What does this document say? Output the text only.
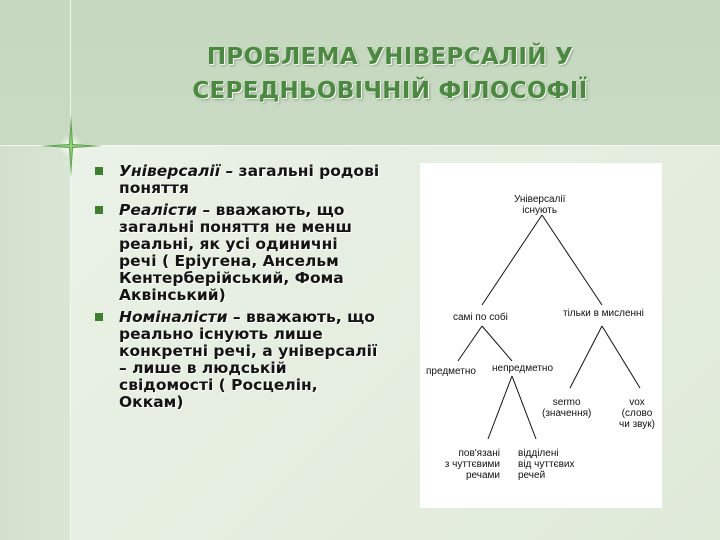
ПРОБЛЕМА УНІВЕРСАЛІЙ У
СЕРЕДНЬОВІЧНІЙ ФІЛОСОФІЇ
Універсалії – загальні родові поняття
Реалісти – вважають, що загальні поняття не менш реальні, як усі одиничні речі ( Еріугена, Ансельм Кентерберійський, Фома Аквінський)
Номіналісти – вважають, що реально існують лише конкретні речі, а універсалії – лише в людській свідомості ( Росцелін, Оккам)
Універсалії
існують
самі по собі	тільки в мисленні
предметно непредметно
sermo
(значення)
vox
(слово
чи звук)
пов'язані
з чуттєвими
речами
відділені
від чуттєвих
речей
